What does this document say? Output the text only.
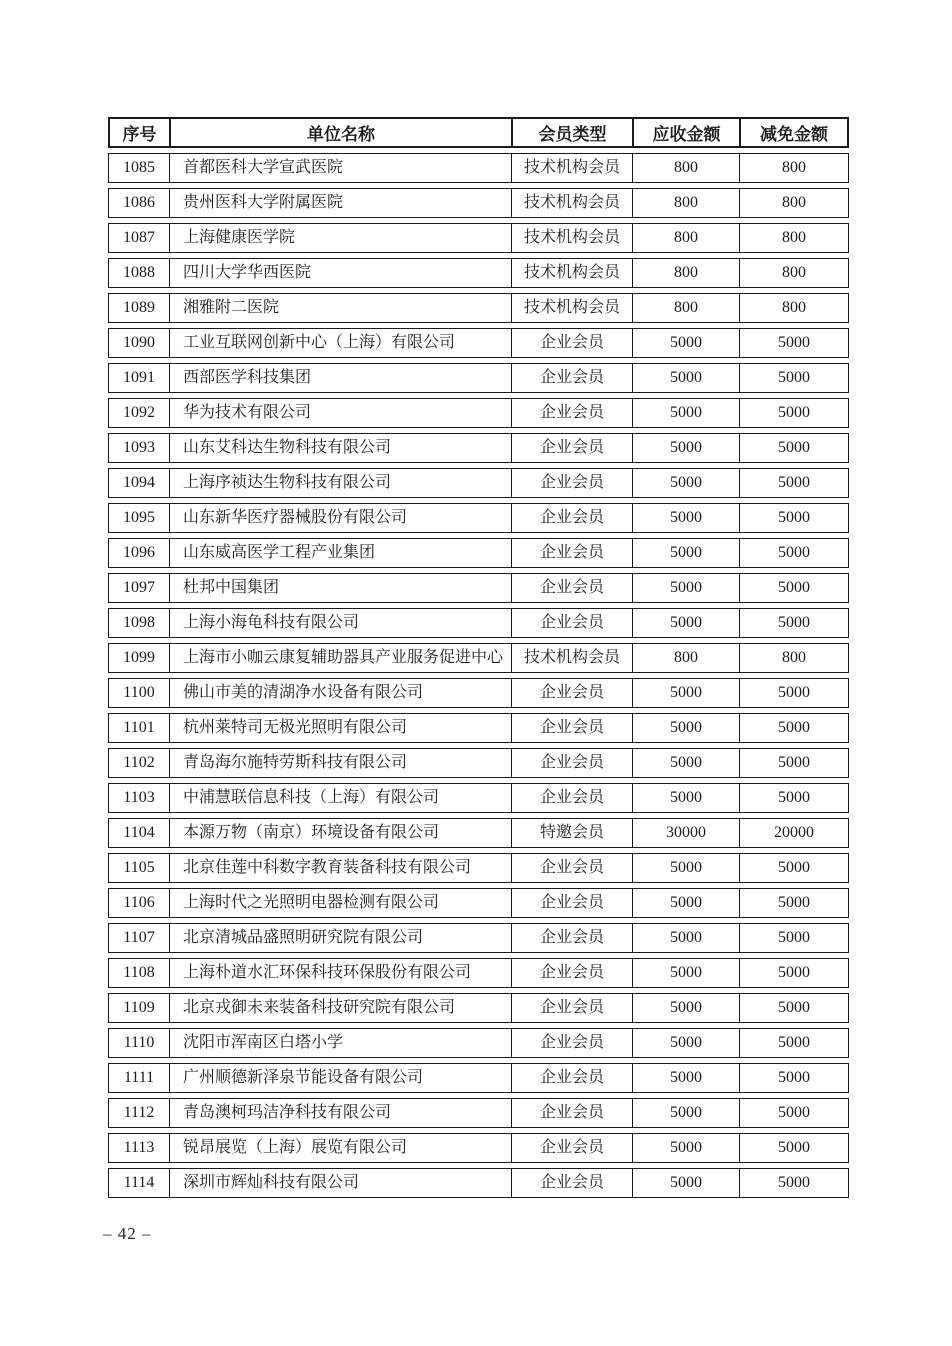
序号	单位名称	会员类型	应收金额	减免金额
1085	首都医科大学宣武医院	技术机构会员	800	800
1086	贵州医科大学附属医院	技术机构会员	800	800
1087	上海健康医学院	技术机构会员	800	800
1088	四川大学华西医院	技术机构会员	800	800
1089	湘雅附二医院	技术机构会员	800	800
1090	工业互联网创新中心（上海）有限公司	企业会员	5000	5000
1091	西部医学科技集团	企业会员	5000	5000
1092	华为技术有限公司	企业会员	5000	5000
1093	山东艾科达生物科技有限公司	企业会员	5000	5000
1094	上海序祯达生物科技有限公司	企业会员	5000	5000
1095	山东新华医疗器械股份有限公司	企业会员	5000	5000
1096	山东威高医学工程产业集团	企业会员	5000	5000
1097	杜邦中国集团	企业会员	5000	5000
1098	上海小海龟科技有限公司	企业会员	5000	5000
1099	上海市小咖云康复辅助器具产业服务促进中心	技术机构会员	800	800
1100	佛山市美的清湖净水设备有限公司	企业会员	5000	5000
1101	杭州莱特司无极光照明有限公司	企业会员	5000	5000
1102	青岛海尔施特劳斯科技有限公司	企业会员	5000	5000
1103	中浦慧联信息科技（上海）有限公司	企业会员	5000	5000
1104	本源万物（南京）环境设备有限公司	特邀会员	30000	20000
1105	北京佳莲中科数字教育装备科技有限公司	企业会员	5000	5000
1106	上海时代之光照明电器检测有限公司	企业会员	5000	5000
1107	北京清城品盛照明研究院有限公司	企业会员	5000	5000
1108	上海朴道水汇环保科技环保股份有限公司	企业会员	5000	5000
1109	北京戎御未来装备科技研究院有限公司	企业会员	5000	5000
1110	沈阳市浑南区白塔小学	企业会员	5000	5000
1111	广州顺德新泽泉节能设备有限公司	企业会员	5000	5000
1112	青岛澳柯玛洁净科技有限公司	企业会员	5000	5000
1113	锐昂展览（上海）展览有限公司	企业会员	5000	5000
1114	深圳市辉灿科技有限公司	企业会员	5000	5000
– 42 –
